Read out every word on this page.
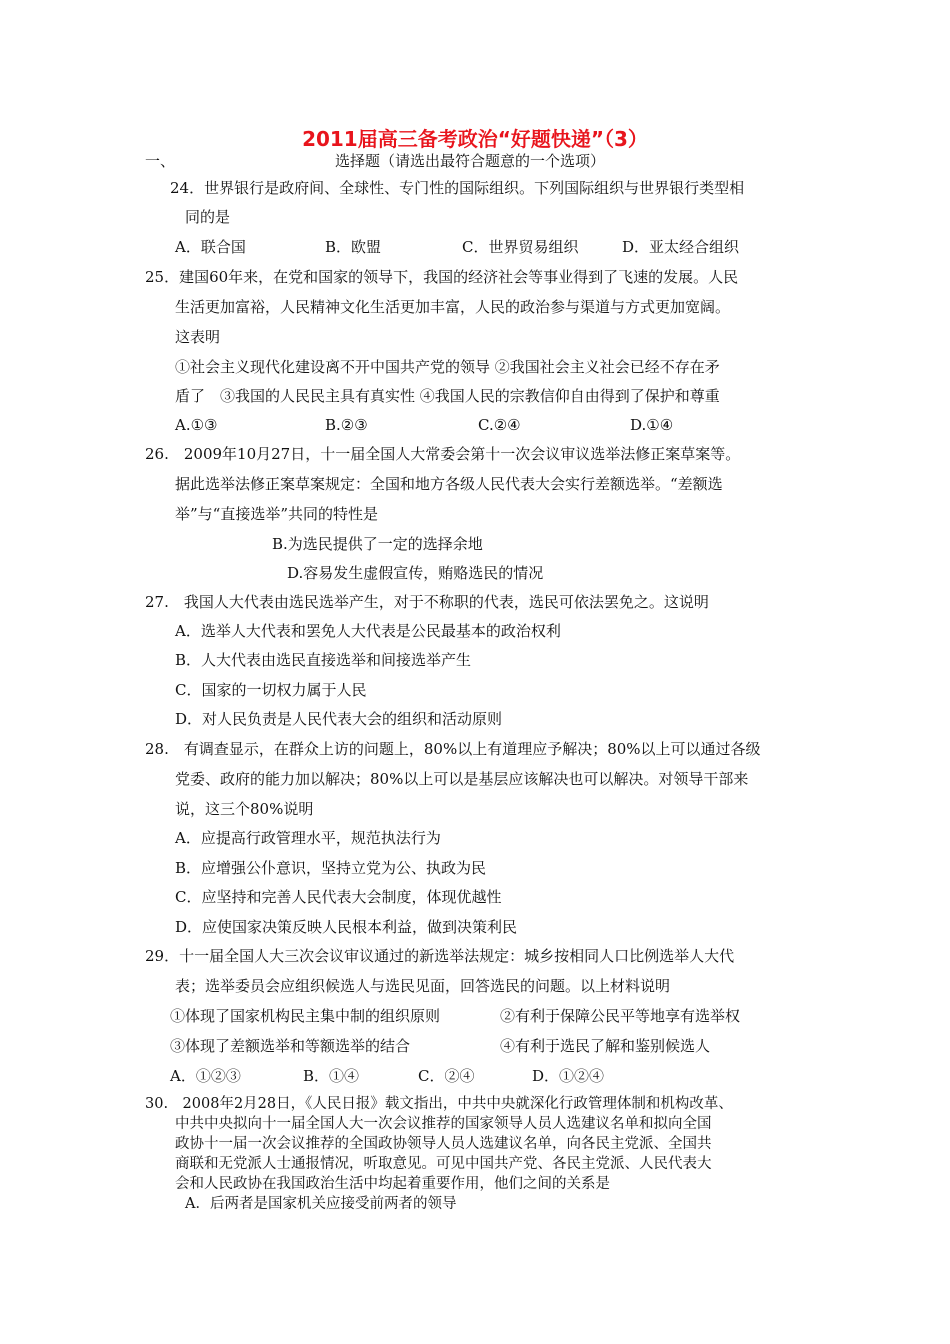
2011届高三备考政治“好题快递”（3）
一、	选择题（请选出最符合题意的一个选项）
24．世界银行是政府间、全球性、专门性的国际组织。下列国际组织与世界银行类型相
同的是
A．联合国	B．欧盟	C．世界贸易组织	D．亚太经合组织
25．建国60年来，在党和国家的领导下，我国的经济社会等事业得到了飞速的发展。人民
生活更加富裕，人民精神文化生活更加丰富，人民的政治参与渠道与方式更加宽阔。
这表明
①社会主义现代化建设离不开中国共产党的领导 ②我国社会主义社会已经不存在矛
盾了　③我国的人民民主具有真实性 ④我国人民的宗教信仰自由得到了保护和尊重
A.①③	B.②③	C.②④	D.①④
26.　2009年10月27日，十一届全国人大常委会第十一次会议审议选举法修正案草案等。
据此选举法修正案草案规定：全国和地方各级人民代表大会实行差额选举。“差额选
举”与“直接选举”共同的特性是
B.为选民提供了一定的选择余地
D.容易发生虚假宣传，贿赂选民的情况
27.　我国人大代表由选民选举产生，对于不称职的代表，选民可依法罢免之。这说明
A．选举人大代表和罢免人大代表是公民最基本的政治权利
B．人大代表由选民直接选举和间接选举产生
C．国家的一切权力属于人民
D．对人民负责是人民代表大会的组织和活动原则
28.　有调查显示，在群众上访的问题上，80%以上有道理应予解决；80%以上可以通过各级
党委、政府的能力加以解决；80%以上可以是基层应该解决也可以解决。对领导干部来
说，这三个80%说明
A．应提高行政管理水平，规范执法行为
B．应增强公仆意识，坚持立党为公、执政为民
C．应坚持和完善人民代表大会制度，体现优越性
D．应使国家决策反映人民根本利益，做到决策利民
29．十一届全国人大三次会议审议通过的新选举法规定：城乡按相同人口比例选举人大代
表；选举委员会应组织候选人与选民见面，回答选民的问题。以上材料说明
①体现了国家机构民主集中制的组织原则	②有利于保障公民平等地享有选举权
③体现了差额选举和等额选举的结合	④有利于选民了解和鉴别候选人
A．①②③	B．①④	C．②④	D．①②④
30.　2008年2月28日，《人民日报》载文指出，中共中央就深化行政管理体制和机构改革、
中共中央拟向十一届全国人大一次会议推荐的国家领导人员人选建议名单和拟向全国
政协十一届一次会议推荐的全国政协领导人员人选建议名单，向各民主党派、全国共
商联和无党派人士通报情况，听取意见。可见中国共产党、各民主党派、人民代表大
会和人民政协在我国政治生活中均起着重要作用，他们之间的关系是
A．后两者是国家机关应接受前两者的领导
